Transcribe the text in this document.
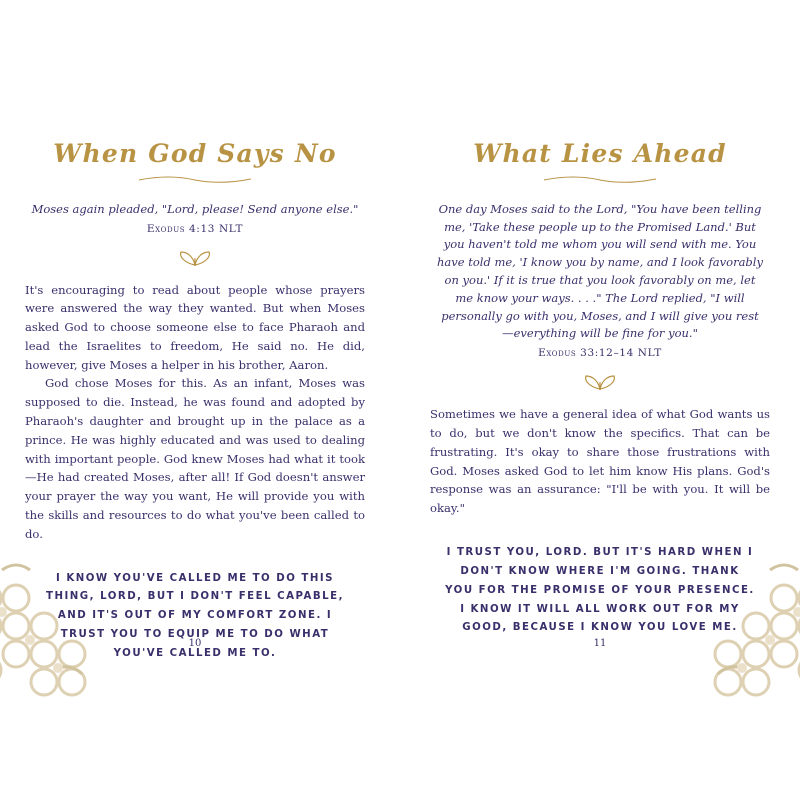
When God Says No
Moses again pleaded, "Lord, please! Send anyone else."
Exodus 4:13 NLT

It's encouraging to read about people whose prayers were answered the way they wanted. But when Moses asked God to choose someone else to face Pharaoh and lead the Israelites to freedom, He said no. He did, however, give Moses a helper in his brother, Aaron.

God chose Moses for this. As an infant, Moses was supposed to die. Instead, he was found and adopted by Pharaoh's daughter and brought up in the palace as a prince. He was highly educated and was used to dealing with important people. God knew Moses had what it took—He had created Moses, after all! If God doesn't answer your prayer the way you want, He will provide you with the skills and resources to do what you've been called to do.

I KNOW YOU'VE CALLED ME TO DO THIS THING, LORD, BUT I DON'T FEEL CAPABLE, AND IT'S OUT OF MY COMFORT ZONE. I TRUST YOU TO EQUIP ME TO DO WHAT YOU'VE CALLED ME TO.
10
What Lies Ahead
One day Moses said to the Lord, "You have been telling me, 'Take these people up to the Promised Land.' But you haven't told me whom you will send with me. You have told me, 'I know you by name, and I look favorably on you.' If it is true that you look favorably on me, let me know your ways. . . ." The Lord replied, "I will personally go with you, Moses, and I will give you rest—everything will be fine for you."
Exodus 33:12–14 NLT

Sometimes we have a general idea of what God wants us to do, but we don't know the specifics. That can be frustrating. It's okay to share those frustrations with God. Moses asked God to let him know His plans. God's response was an assurance: "I'll be with you. It will be okay."

I TRUST YOU, LORD. BUT IT'S HARD WHEN I DON'T KNOW WHERE I'M GOING. THANK YOU FOR THE PROMISE OF YOUR PRESENCE. I KNOW IT WILL ALL WORK OUT FOR MY GOOD, BECAUSE I KNOW YOU LOVE ME.
11
